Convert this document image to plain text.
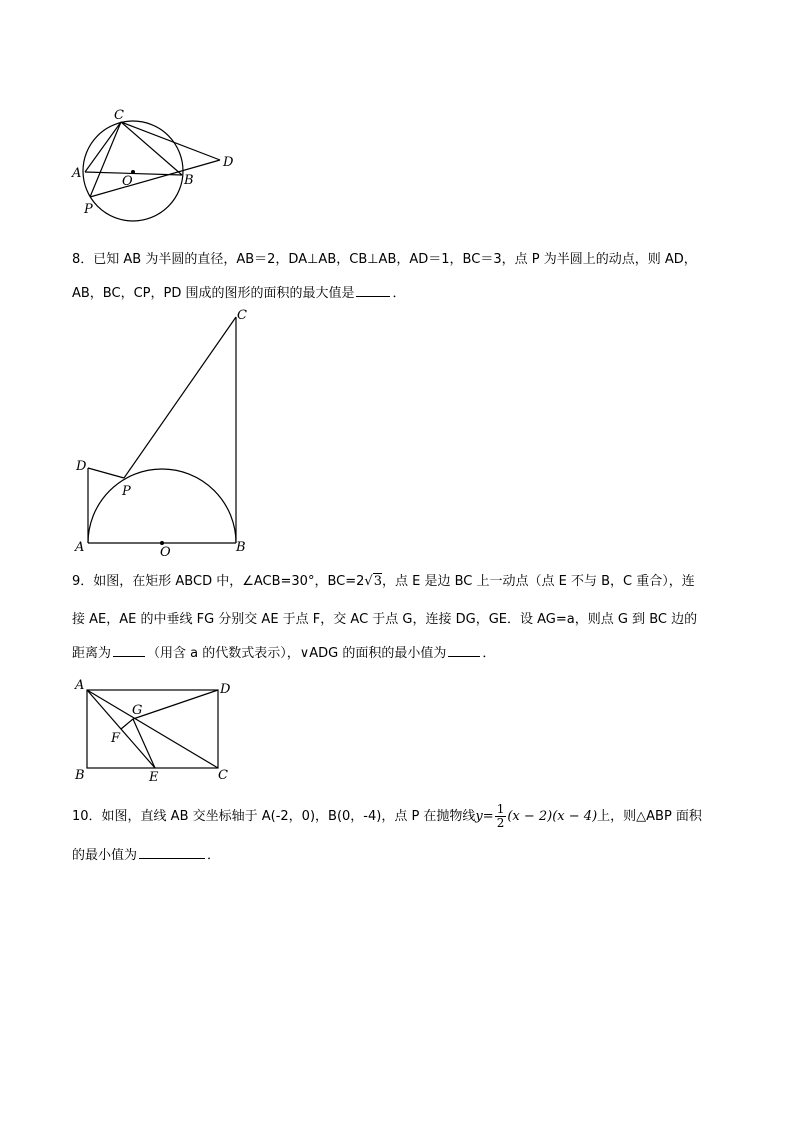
C
A
O	B
D
P
8．已知 AB 为半圆的直径，AB＝2，DA⊥AB，CB⊥AB，AD＝1，BC＝3，点 P 为半圆上的动点，则 AD，
AB，BC，CP，PD 围成的图形的面积的最大值是	．
C
D
P
A	O	B
9．如图，在矩形 ABCD 中，∠ACB=30°，BC=2√3，点 E 是边 BC 上一动点（点 E 不与 B，C 重合），连
接 AE，AE 的中垂线 FG 分别交 AE 于点 F，交 AC 于点 G，连接 DG，GE．设 AG=a，则点 G 到 BC 边的
距离为	（用含 a 的代数式表示），∨ADG 的面积的最小值为	．
A	D
G
F
B	E	C
10．如图，直线 AB 交坐标轴于 A(-2，0)，B(0，-4)，点 P 在抛物线$y= \frac{1}{2} (x - 2)(x - 4)$上，则△ABP 面积
的最小值为	．
